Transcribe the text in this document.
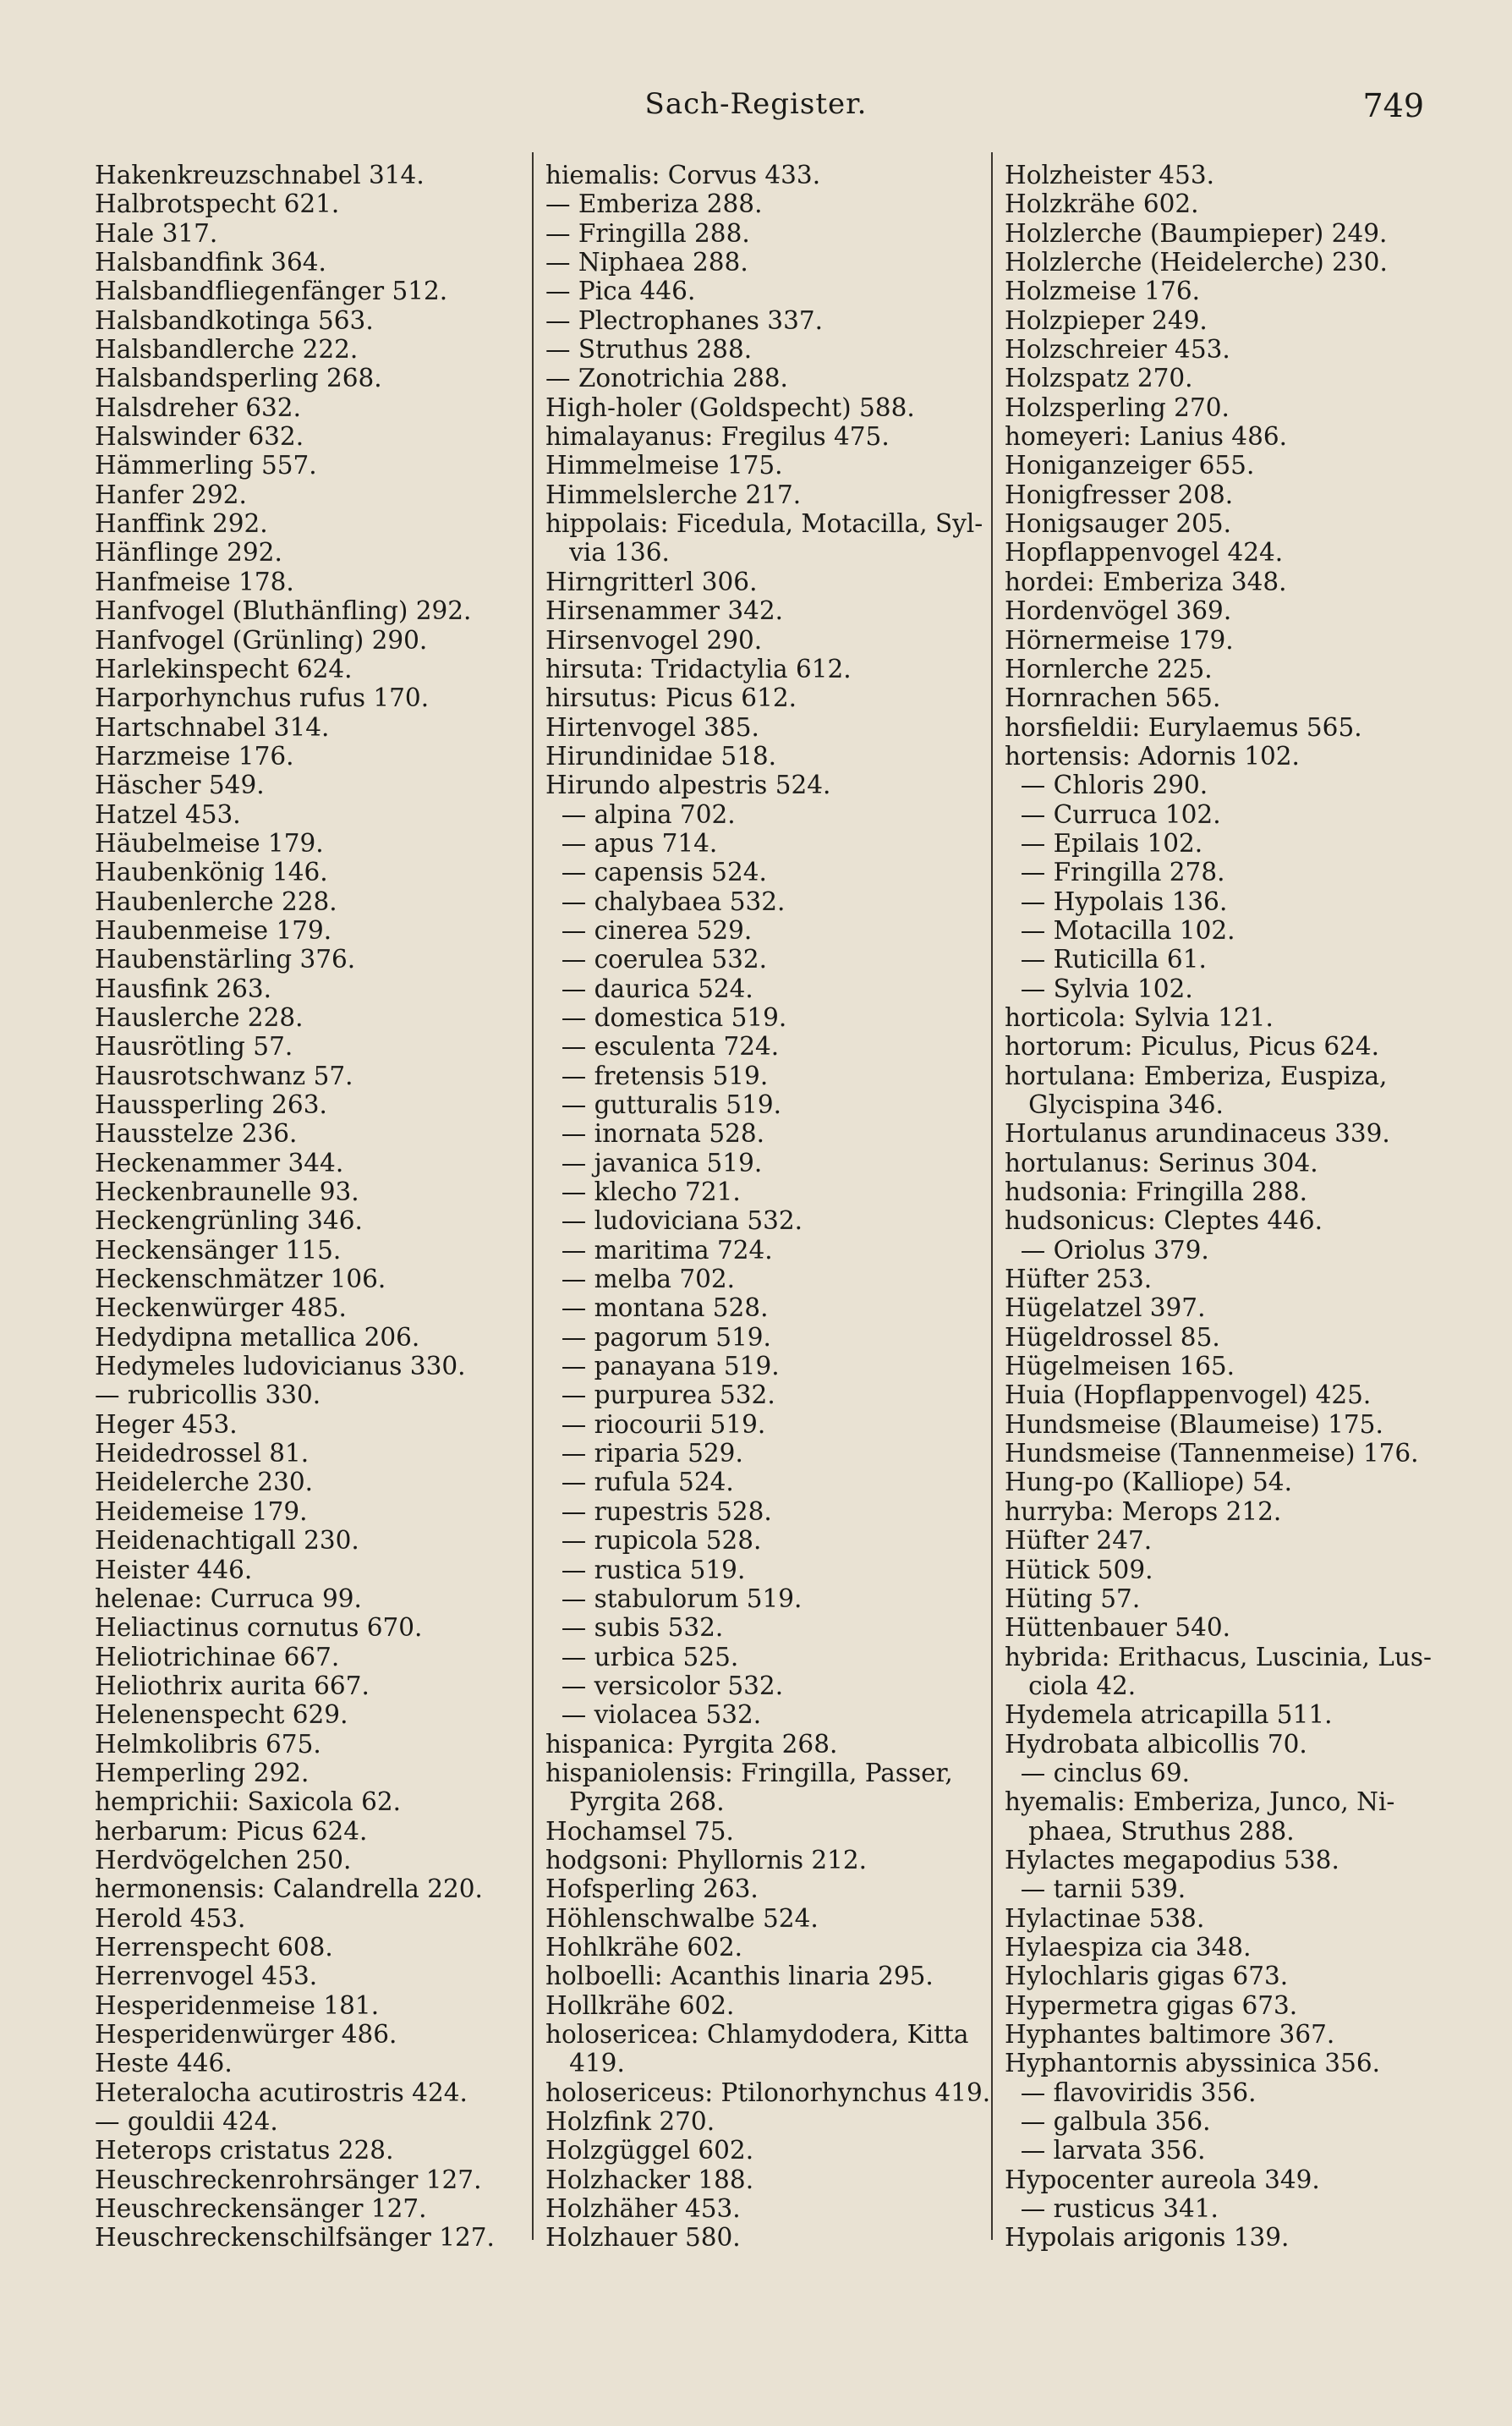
Sach-Register.	749
Hakenkreuzschnabel 314.
Halbrotspecht 621.
Hale 317.
Halsbandfink 364.
Halsbandfliegenfänger 512.
Halsbandkotinga 563.
Halsbandlerche 222.
Halsbandsperling 268.
Halsdreher 632.
Halswinder 632.
Hämmerling 557.
Hanfer 292.
Hanffink 292.
Hänflinge 292.
Hanfmeise 178.
Hanfvogel (Bluthänfling) 292.
Hanfvogel (Grünling) 290.
Harlekinspecht 624.
Harporhynchus rufus 170.
Hartschnabel 314.
Harzmeise 176.
Häscher 549.
Hatzel 453.
Häubelmeise 179.
Haubenkönig 146.
Haubenlerche 228.
Haubenmeise 179.
Haubenstärling 376.
Hausfink 263.
Hauslerche 228.
Hausrötling 57.
Hausrotschwanz 57.
Haussperling 263.
Hausstelze 236.
Heckenammer 344.
Heckenbraunelle 93.
Heckengrünling 346.
Heckensänger 115.
Heckenschmätzer 106.
Heckenwürger 485.
Hedydipna metallica 206.
Hedymeles ludovicianus 330.
— rubricollis 330.
Heger 453.
Heidedrossel 81.
Heidelerche 230.
Heidemeise 179.
Heidenachtigall 230.
Heister 446.
helenae: Curruca 99.
Heliactinus cornutus 670.
Heliotrichinae 667.
Heliothrix aurita 667.
Helenenspecht 629.
Helmkolibris 675.
Hemperling 292.
hemprichii: Saxicola 62.
herbarum: Picus 624.
Herdvögelchen 250.
hermonensis: Calandrella 220.
Herold 453.
Herrenspecht 608.
Herrenvogel 453.
Hesperidenmeise 181.
Hesperidenwürger 486.
Heste 446.
Heteralocha acutirostris 424.
— gouldii 424.
Heterops cristatus 228.
Heuschreckenrohrsänger 127.
Heuschreckensänger 127.
Heuschreckenschilfsänger 127.
hiemalis: Corvus 433.
— Emberiza 288.
— Fringilla 288.
— Niphaea 288.
— Pica 446.
— Plectrophanes 337.
— Struthus 288.
— Zonotrichia 288.
High-holer (Goldspecht) 588.
himalayanus: Fregilus 475.
Himmelmeise 175.
Himmelslerche 217.
hippolais: Ficedula, Motacilla, Syl-
via 136.
Hirngritterl 306.
Hirsenammer 342.
Hirsenvogel 290.
hirsuta: Tridactylia 612.
hirsutus: Picus 612.
Hirtenvogel 385.
Hirundinidae 518.
Hirundo alpestris 524.
— alpina 702.
— apus 714.
— capensis 524.
— chalybaea 532.
— cinerea 529.
— coerulea 532.
— daurica 524.
— domestica 519.
— esculenta 724.
— fretensis 519.
— gutturalis 519.
— inornata 528.
— javanica 519.
— klecho 721.
— ludoviciana 532.
— maritima 724.
— melba 702.
— montana 528.
— pagorum 519.
— panayana 519.
— purpurea 532.
— riocourii 519.
— riparia 529.
— rufula 524.
— rupestris 528.
— rupicola 528.
— rustica 519.
— stabulorum 519.
— subis 532.
— urbica 525.
— versicolor 532.
— violacea 532.
hispanica: Pyrgita 268.
hispaniolensis: Fringilla, Passer,
Pyrgita 268.
Hochamsel 75.
hodgsoni: Phyllornis 212.
Hofsperling 263.
Höhlenschwalbe 524.
Hohlkrähe 602.
holboelli: Acanthis linaria 295.
Hollkrähe 602.
holosericea: Chlamydodera, Kitta
419.
holosericeus: Ptilonorhynchus 419.
Holzfink 270.
Holzgüggel 602.
Holzhacker 188.
Holzhäher 453.
Holzhauer 580.
Holzheister 453.
Holzkrähe 602.
Holzlerche (Baumpieper) 249.
Holzlerche (Heidelerche) 230.
Holzmeise 176.
Holzpieper 249.
Holzschreier 453.
Holzspatz 270.
Holzsperling 270.
homeyeri: Lanius 486.
Honiganzeiger 655.
Honigfresser 208.
Honigsauger 205.
Hopflappenvogel 424.
hordei: Emberiza 348.
Hordenvögel 369.
Hörnermeise 179.
Hornlerche 225.
Hornrachen 565.
horsfieldii: Eurylaemus 565.
hortensis: Adornis 102.
— Chloris 290.
— Curruca 102.
— Epilais 102.
— Fringilla 278.
— Hypolais 136.
— Motacilla 102.
— Ruticilla 61.
— Sylvia 102.
horticola: Sylvia 121.
hortorum: Piculus, Picus 624.
hortulana: Emberiza, Euspiza,
Glycispina 346.
Hortulanus arundinaceus 339.
hortulanus: Serinus 304.
hudsonia: Fringilla 288.
hudsonicus: Cleptes 446.
— Oriolus 379.
Hüfter 253.
Hügelatzel 397.
Hügeldrossel 85.
Hügelmeisen 165.
Huia (Hopflappenvogel) 425.
Hundsmeise (Blaumeise) 175.
Hundsmeise (Tannenmeise) 176.
Hung-po (Kalliope) 54.
hurryba: Merops 212.
Hüfter 247.
Hütick 509.
Hüting 57.
Hüttenbauer 540.
hybrida: Erithacus, Luscinia, Lus-
ciola 42.
Hydemela atricapilla 511.
Hydrobata albicollis 70.
— cinclus 69.
hyemalis: Emberiza, Junco, Ni-
phaea, Struthus 288.
Hylactes megapodius 538.
— tarnii 539.
Hylactinae 538.
Hylaespiza cia 348.
Hylochlaris gigas 673.
Hypermetra gigas 673.
Hyphantes baltimore 367.
Hyphantornis abyssinica 356.
— flavoviridis 356.
— galbula 356.
— larvata 356.
Hypocenter aureola 349.
— rusticus 341.
Hypolais arigonis 139.
